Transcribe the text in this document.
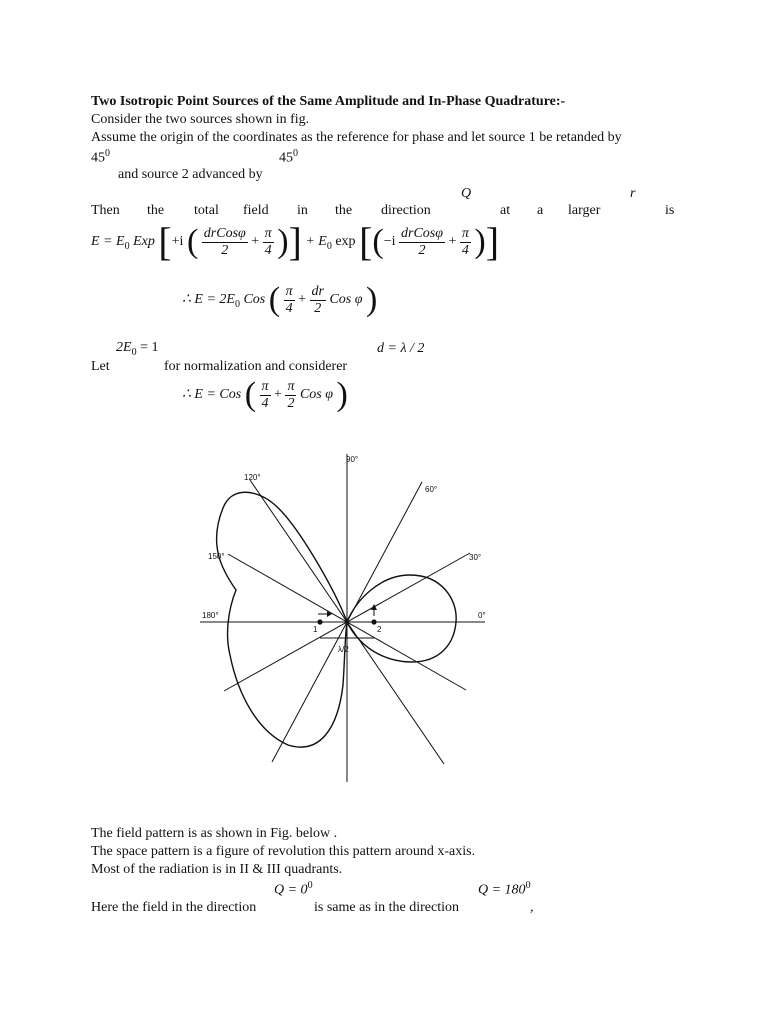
Two Isotropic Point Sources of the Same Amplitude and In-Phase Quadrature:-
Consider the two sources shown in fig.
Assume the origin of the coordinates as the reference for phase and let source 1 be retanded by
$45^0$	$45^0$
and source 2 advanced by
Q	r
Then the total field in the direction	at a larger	is
$E = E_0$ Exp [+i ( $\frac{\text{drCosφ}}{2} + \frac{\pi}{4}$ )] + $E_0$ $\exp [(-i \frac{\text{drCosφ}}{2} + \frac{\pi}{4}$ )]
∴ $E = 2E_0$ Cos ( $\frac{\pi}{4} + \frac{dr}{2}$ Cos φ )
$2E_0 = 1$	d = λ / 2
Let	for normalization and considerer
∴ E = Cos ( $\frac{\pi}{4} + \frac{\pi}{2}$ Cos φ )
90°
60°
30°
0°
120°
150°
180°
1	2
λ/2
The field pattern is as shown in Fig. below .
The space pattern is a figure of revolution this pattern around x-axis.
Most of the radiation is in II & III quadrants.
$Q = 0^0$	$Q = 180^0$
Here the field in the direction	is same as in the direction	,
